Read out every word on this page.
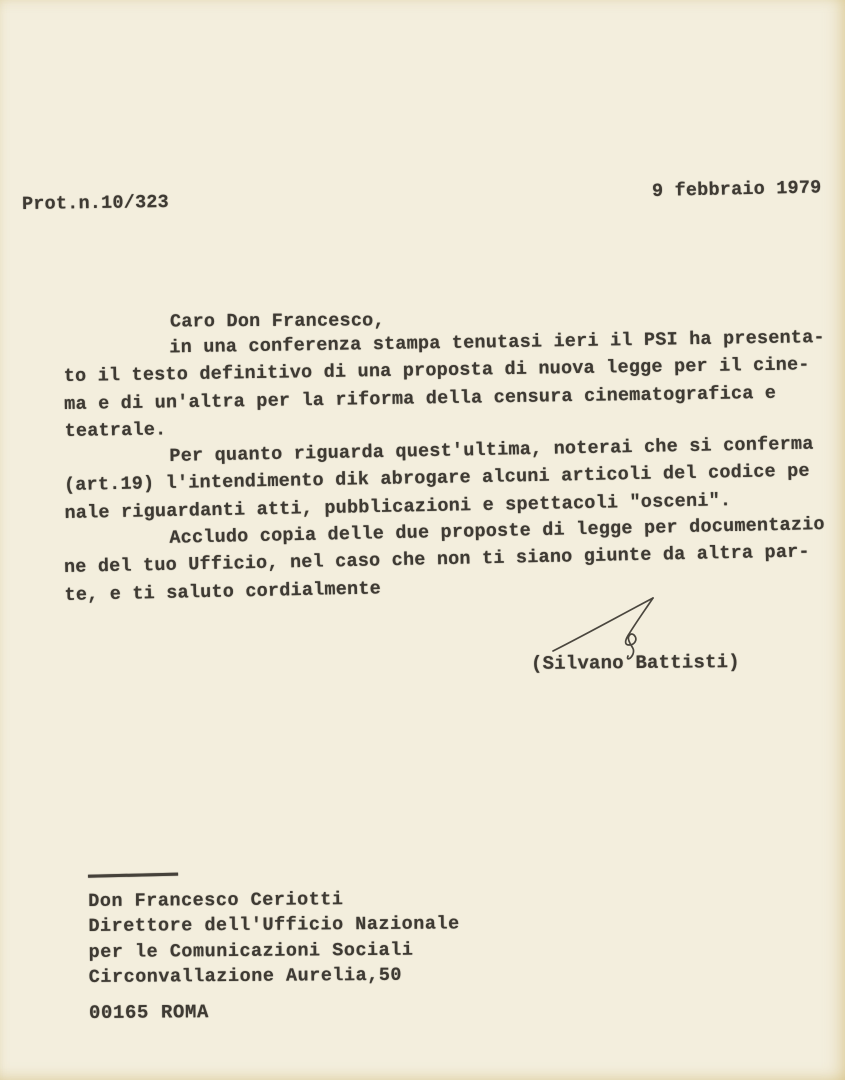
Prot.n.10/323
9 febbraio 1979

Caro Don Francesco,

in una conferenza stampa tenutasi ieri il PSI ha presenta-
to il testo definitivo di una proposta di nuova legge per il cine-
ma e di un'altra per la riforma della censura cinematografica e
teatrale.

Per quanto riguarda quest'ultima, noterai che si conferma
(art.19) l'intendimento dik abrogare alcuni articoli del codice pe
nale riguardanti atti, pubblicazioni e spettacoli "osceni".

Accludo copia delle due proposte di legge per documentazio
ne del tuo Ufficio, nel caso che non ti siano giunte da altra par-
te, e ti saluto cordialmente

(Silvano Battisti)
Don Francesco Ceriotti
Direttore dell'Ufficio Nazionale
per le Comunicazioni Sociali
Circonvallazione Aurelia,50
00165 ROMA
